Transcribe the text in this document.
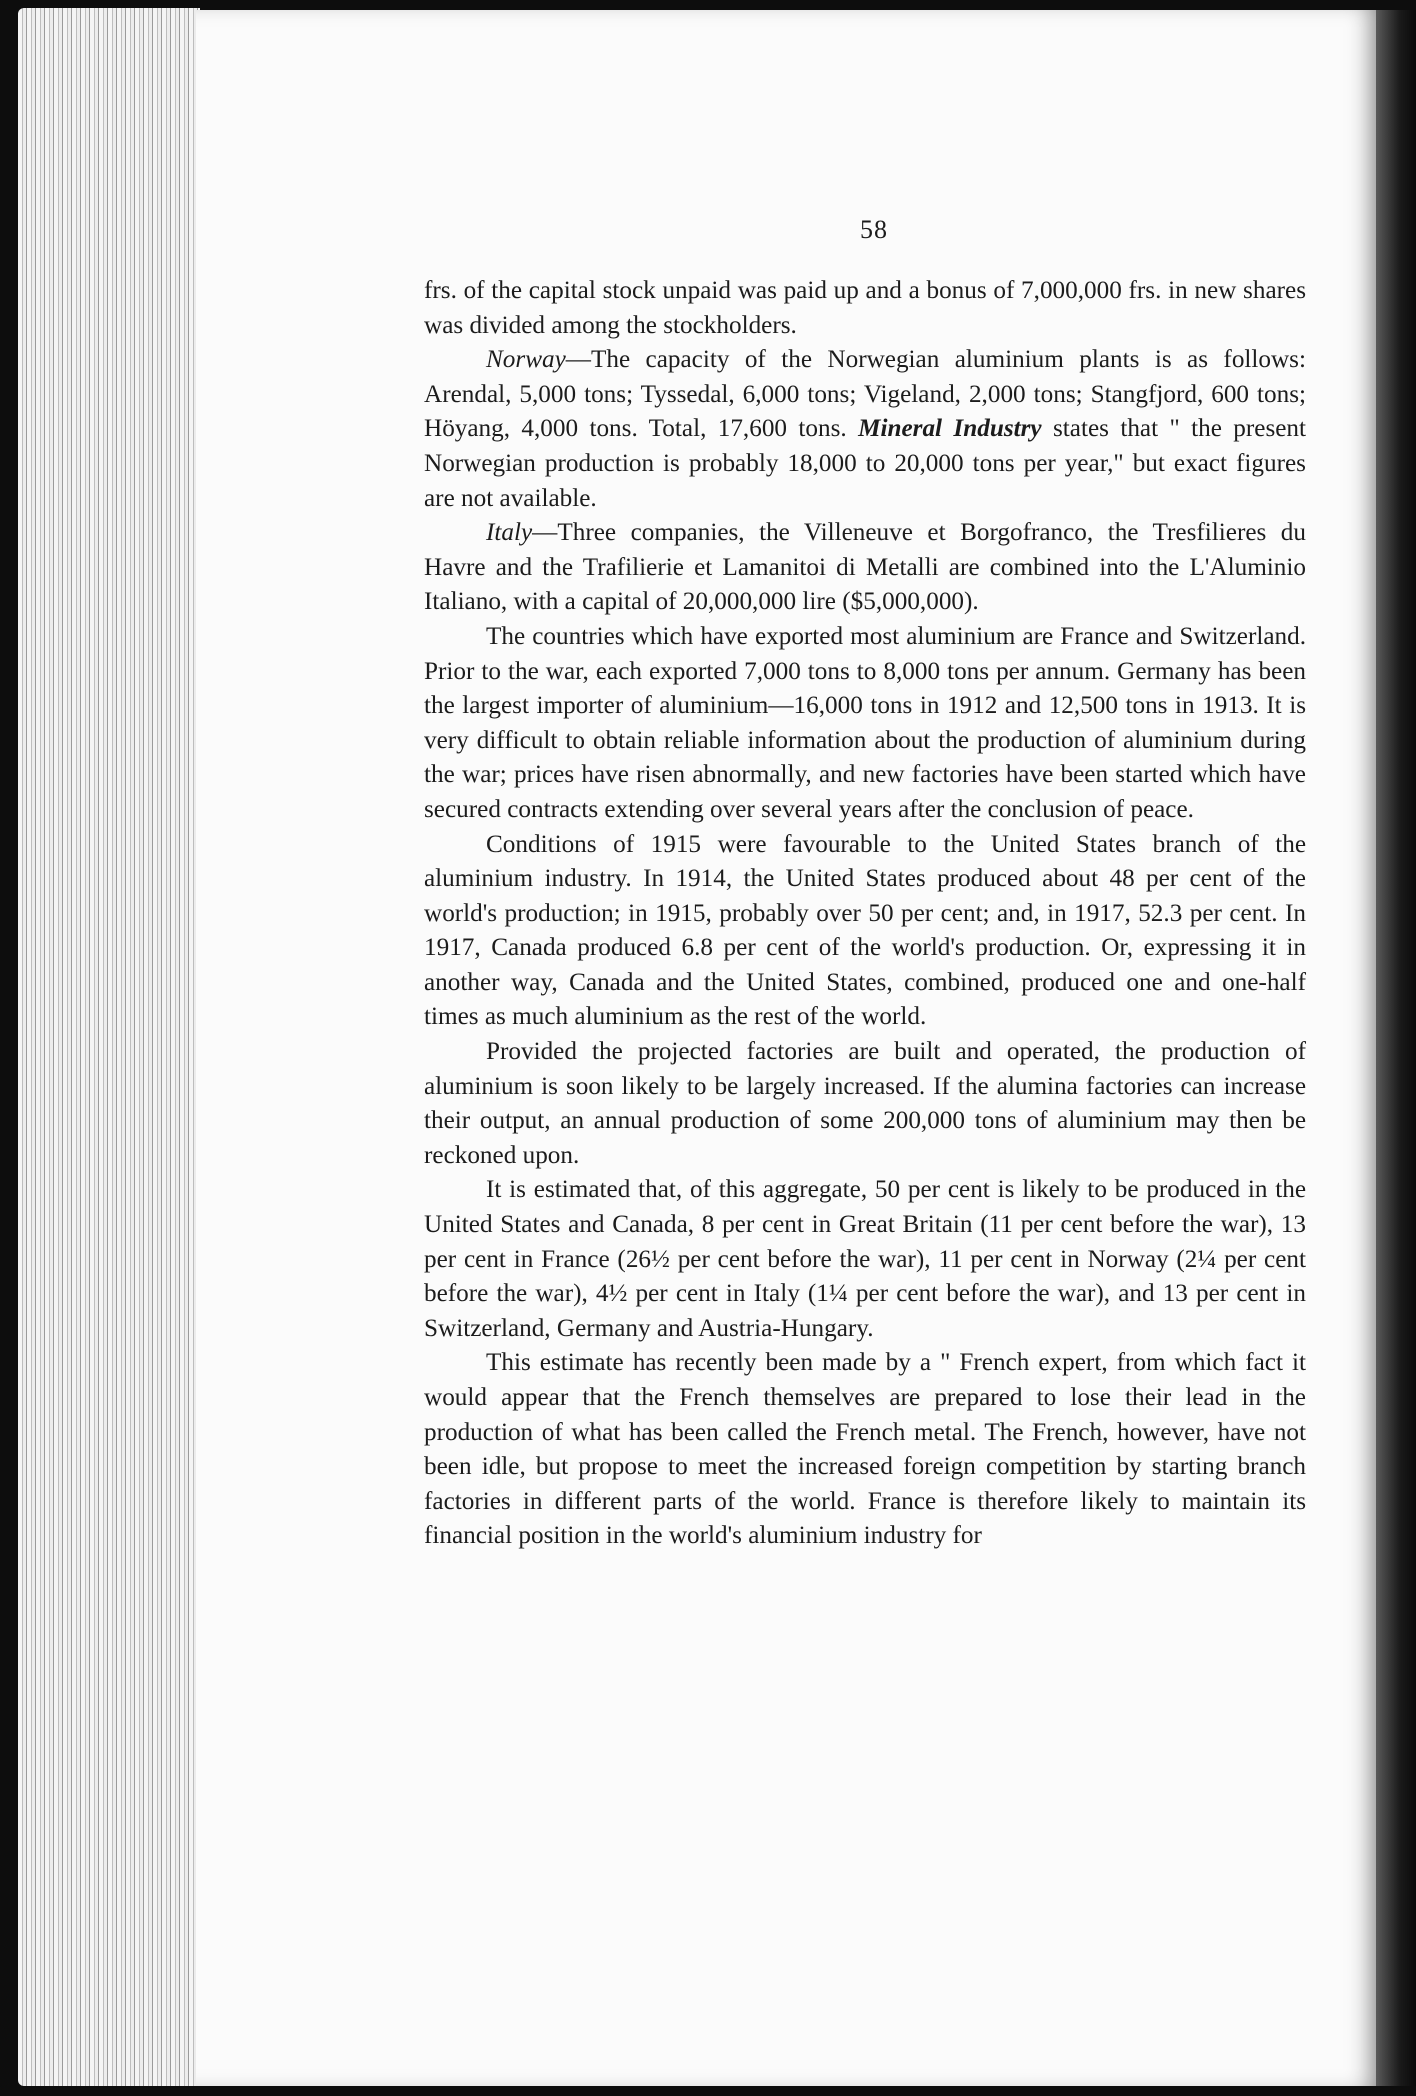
58

frs. of the capital stock unpaid was paid up and a bonus of 7,000,000 frs. in new shares was divided among the stockholders.

Norway—The capacity of the Norwegian aluminium plants is as follows: Arendal, 5,000 tons; Tyssedal, 6,000 tons; Vigeland, 2,000 tons; Stangfjord, 600 tons; Höyang, 4,000 tons. Total, 17,600 tons. Mineral Industry states that " the present Norwegian production is probably 18,000 to 20,000 tons per year," but exact figures are not available.

Italy—Three companies, the Villeneuve et Borgofranco, the Tresfilieres du Havre and the Trafilierie et Lamanitoi di Metalli are combined into the L'Aluminio Italiano, with a capital of 20,000,000 lire ($5,000,000).

The countries which have exported most aluminium are France and Switzerland. Prior to the war, each exported 7,000 tons to 8,000 tons per annum. Germany has been the largest importer of aluminium—16,000 tons in 1912 and 12,500 tons in 1913. It is very difficult to obtain reliable information about the production of aluminium during the war; prices have risen abnormally, and new factories have been started which have secured contracts extending over several years after the conclusion of peace.

Conditions of 1915 were favourable to the United States branch of the aluminium industry. In 1914, the United States produced about 48 per cent of the world's production; in 1915, probably over 50 per cent; and, in 1917, 52.3 per cent. In 1917, Canada produced 6.8 per cent of the world's production. Or, expressing it in another way, Canada and the United States, combined, produced one and one-half times as much aluminium as the rest of the world.

Provided the projected factories are built and operated, the production of aluminium is soon likely to be largely increased. If the alumina factories can increase their output, an annual production of some 200,000 tons of aluminium may then be reckoned upon.

It is estimated that, of this aggregate, 50 per cent is likely to be produced in the United States and Canada, 8 per cent in Great Britain (11 per cent before the war), 13 per cent in France (26½ per cent before the war), 11 per cent in Norway (2¼ per cent before the war), 4½ per cent in Italy (1¼ per cent before the war), and 13 per cent in Switzerland, Germany and Austria-Hungary.

This estimate has recently been made by a " French expert, from which fact it would appear that the French themselves are prepared to lose their lead in the production of what has been called the French metal. The French, however, have not been idle, but propose to meet the increased foreign competition by starting branch factories in different parts of the world. France is therefore likely to maintain its financial position in the world's aluminium industry for
